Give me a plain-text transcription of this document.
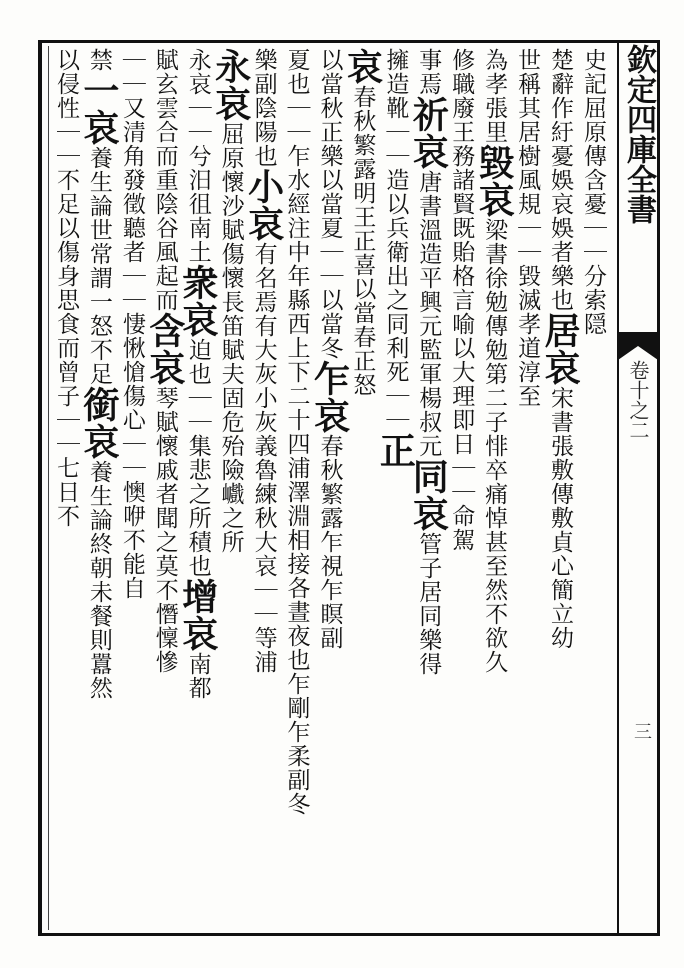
欽定四庫全書
卷十之二
三
史記屈原傳含憂｜｜分索隠
楚辭作紆憂娛哀娛者樂也居哀宋書張敷傳敷貞心簡立幼
世稱其居樹風規｜｜毀滅孝道淳至
為孝張里毀哀梁書徐勉傳勉第二子悱卒痛悼甚至然不欲久
修職廢王務諸賢既貽格言喻以大理即日｜｜命駕
事焉祈哀唐書溫造平興元監軍楊叔元同哀管子居同樂得
擁造靴｜｜造以兵衛出之同利死｜｜正
哀春秋繁露明王正喜以當春正怒
以當秋正樂以當夏｜｜以當冬乍哀春秋繁露乍視乍瞑副
夏也｜｜乍水經注中年縣西上下二十四浦澤淵相接各晝夜也乍剛乍柔副冬
樂副陰陽也小哀有名焉有大灰小灰義魯練秋大哀｜｜等浦
永哀屈原懷沙賦傷懷長笛賦夫固危殆險巇之所
永哀｜｜兮汨徂南土衆哀迫也｜｜集悲之所積也增哀南都
賦玄雲合而重陰谷風起而含哀琴賦懷戚者聞之莫不憯懍慘
｜｜又清角發徵聽者｜｜悽愀愴傷心｜｜懊咿不能自
禁一哀養生論世常謂一怒不足銜哀養生論終朝未餐則囂然
以侵性｜｜不足以傷身思食而曾子｜｜七日不
